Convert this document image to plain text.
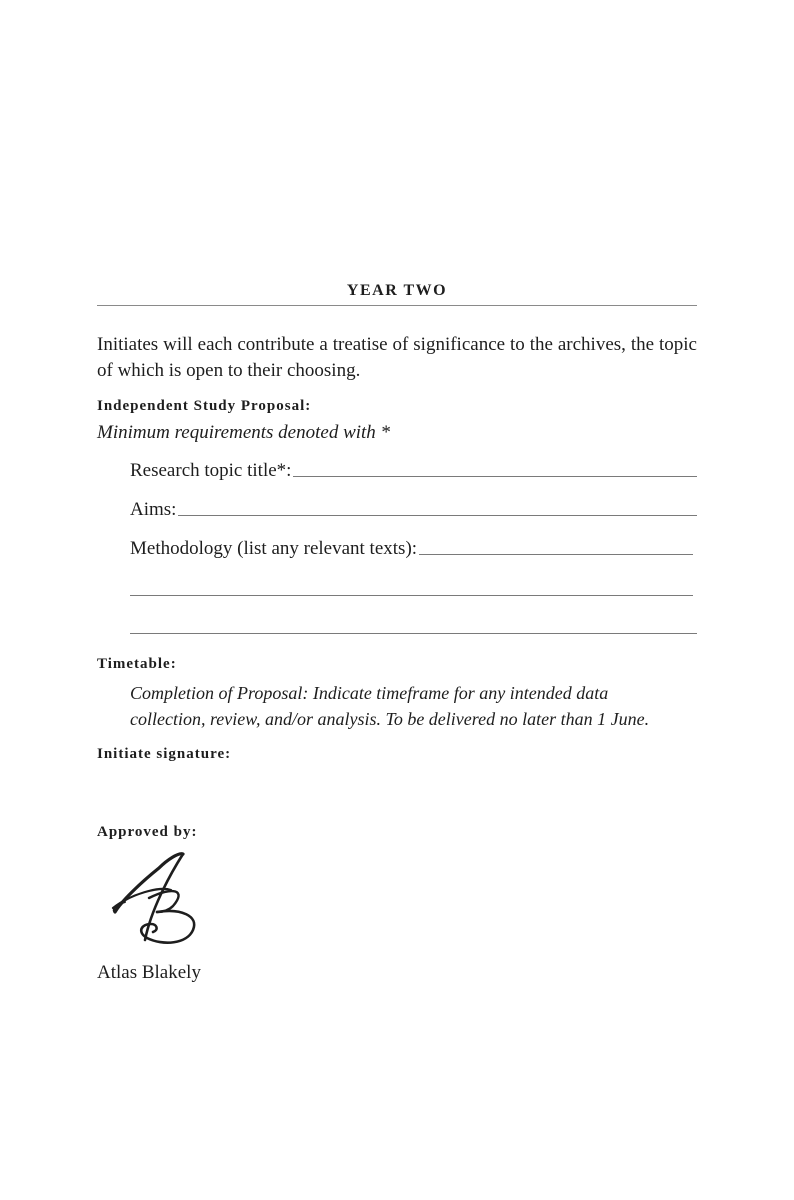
YEAR TWO

Initiates will each contribute a treatise of significance to the archives, the topic of which is open to their choosing.

Independent Study Proposal:
Minimum requirements denoted with *
Research topic title*:
Aims:
Methodology (list any relevant texts):
Timetable:

Completion of Proposal: Indicate timeframe for any intended data
collection, review, and/or analysis. To be delivered no later than 1 June.

Initiate signature:
Approved by:
Atlas Blakely
